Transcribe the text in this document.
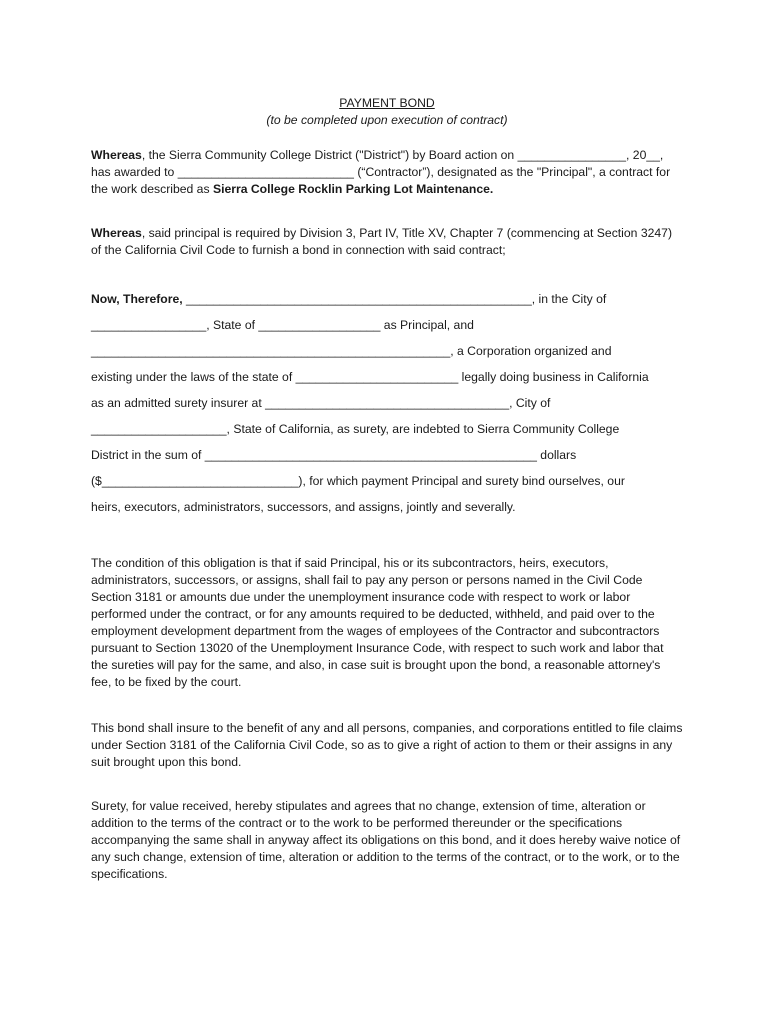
PAYMENT BOND

(to be completed upon execution of contract)

Whereas, the Sierra Community College District ("District") by Board action on ________________, 20__, has awarded to __________________________ (“Contractor”), designated as the "Principal", a contract for the work described as Sierra College Rocklin Parking Lot Maintenance.

Whereas, said principal is required by Division 3, Part IV, Title XV, Chapter 7 (commencing at Section 3247) of the California Civil Code to furnish a bond in connection with said contract;

Now, Therefore, ___________________________________________________, in the City of
_________________, State of __________________ as Principal, and
_____________________________________________________, a Corporation organized and
existing under the laws of the state of ________________________ legally doing business in California
as an admitted surety insurer at ____________________________________, City of
____________________, State of California, as surety, are indebted to Sierra Community College
District in the sum of _________________________________________________ dollars
($_____________________________), for which payment Principal and surety bind ourselves, our
heirs, executors, administrators, successors, and assigns, jointly and severally.

The condition of this obligation is that if said Principal, his or its subcontractors, heirs, executors, administrators, successors, or assigns, shall fail to pay any person or persons named in the Civil Code Section 3181 or amounts due under the unemployment insurance code with respect to work or labor performed under the contract, or for any amounts required to be deducted, withheld, and paid over to the employment development department from the wages of employees of the Contractor and subcontractors pursuant to Section 13020 of the Unemployment Insurance Code, with respect to such work and labor that the sureties will pay for the same, and also, in case suit is brought upon the bond, a reasonable attorney's fee, to be fixed by the court.

This bond shall insure to the benefit of any and all persons, companies, and corporations entitled to file claims under Section 3181 of the California Civil Code, so as to give a right of action to them or their assigns in any suit brought upon this bond.

Surety, for value received, hereby stipulates and agrees that no change, extension of time, alteration or addition to the terms of the contract or to the work to be performed thereunder or the specifications accompanying the same shall in anyway affect its obligations on this bond, and it does hereby waive notice of any such change, extension of time, alteration or addition to the terms of the contract, or to the work, or to the specifications.
